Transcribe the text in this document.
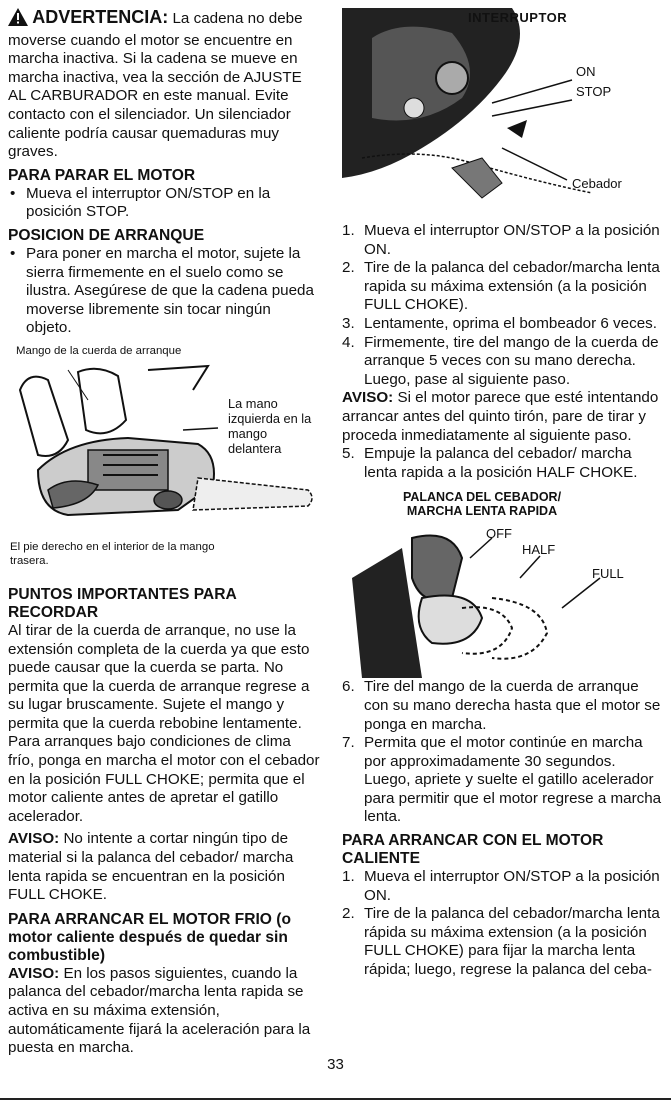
ADVERTENCIA: La cadena no debe moverse cuando el motor se encuentre en marcha inactiva. Si la cadena se mueve en marcha inactiva, vea la sección de AJUSTE AL CARBURADOR en este manual. Evite contacto con el silenciador. Un silenciador caliente podría causar quemaduras muy graves.

PARA PARAR EL MOTOR

• Mueva el interruptor ON/STOP en la posición STOP.

POSICION DE ARRANQUE

• Para poner en marcha el motor, sujete la sierra firmemente en el suelo como se ilustra. Asegúrese de que la cadena pueda moverse libremente sin tocar ningún objeto.
Mango de la cuerda de arranque
La mano izquierda en la mango delantera
El pie derecho en el interior de la mango trasera.

PUNTOS IMPORTANTES PARA RECORDAR

Al tirar de la cuerda de arranque, no use la extensión completa de la cuerda ya que esto puede causar que la cuerda se parta. No permita que la cuerda de arranque regrese a su lugar bruscamente. Sujete el mango y permita que la cuerda rebobine lentamente.

Para arranques bajo condiciones de clima frío, ponga en marcha el motor con el cebador en la posición FULL CHOKE; permita que el motor caliente antes de apretar el gatillo acelerador.

AVISO: No intente a cortar ningún tipo de material si la palanca del cebador/ marcha lenta rapida se encuentran en la posición FULL CHOKE.

PARA ARRANCAR EL MOTOR FRIO (o motor caliente después de quedar sin combustible)

AVISO: En los pasos siguientes, cuando la palanca del cebador/marcha lenta rapida se activa en su máxima extensión, automáticamente fijará la aceleración para la puesta en marcha.

INTERRUPTOR
ON
STOP
Cebador
1. Mueva el interruptor ON/STOP a la posición ON.
2. Tire de la palanca del cebador/marcha lenta rapida su máxima extensión (a la posición FULL CHOKE).
3. Lentamente, oprima el bombeador 6 veces.
4. Firmemente, tire del mango de la cuerda de arranque 5 veces con su mano derecha. Luego, pase al siguiente paso.

AVISO: Si el motor parece que esté intentando arrancar antes del quinto tirón, pare de tirar y proceda inmediatamente al siguiente paso.

5. Empuje la palanca del cebador/ marcha lenta rapida a la posición HALF CHOKE.
PALANCA DEL CEBADOR/ MARCHA LENTA RAPIDA
OFF
HALF
FULL
6. Tire del mango de la cuerda de arranque con su mano derecha hasta que el motor se ponga en marcha.
7. Permita que el motor continúe en marcha por approximadamente 30 segundos. Luego, apriete y suelte el gatillo acelerador para permitir que el motor regrese a marcha lenta.

PARA ARRANCAR CON EL MOTOR CALIENTE

1. Mueva el interruptor ON/STOP a la posición ON.
2. Tire de la palanca del cebador/marcha lenta rápida su máxima extension (a la posición FULL CHOKE) para fijar la marcha lenta rápida; luego, regrese la palanca del ceba-
33
